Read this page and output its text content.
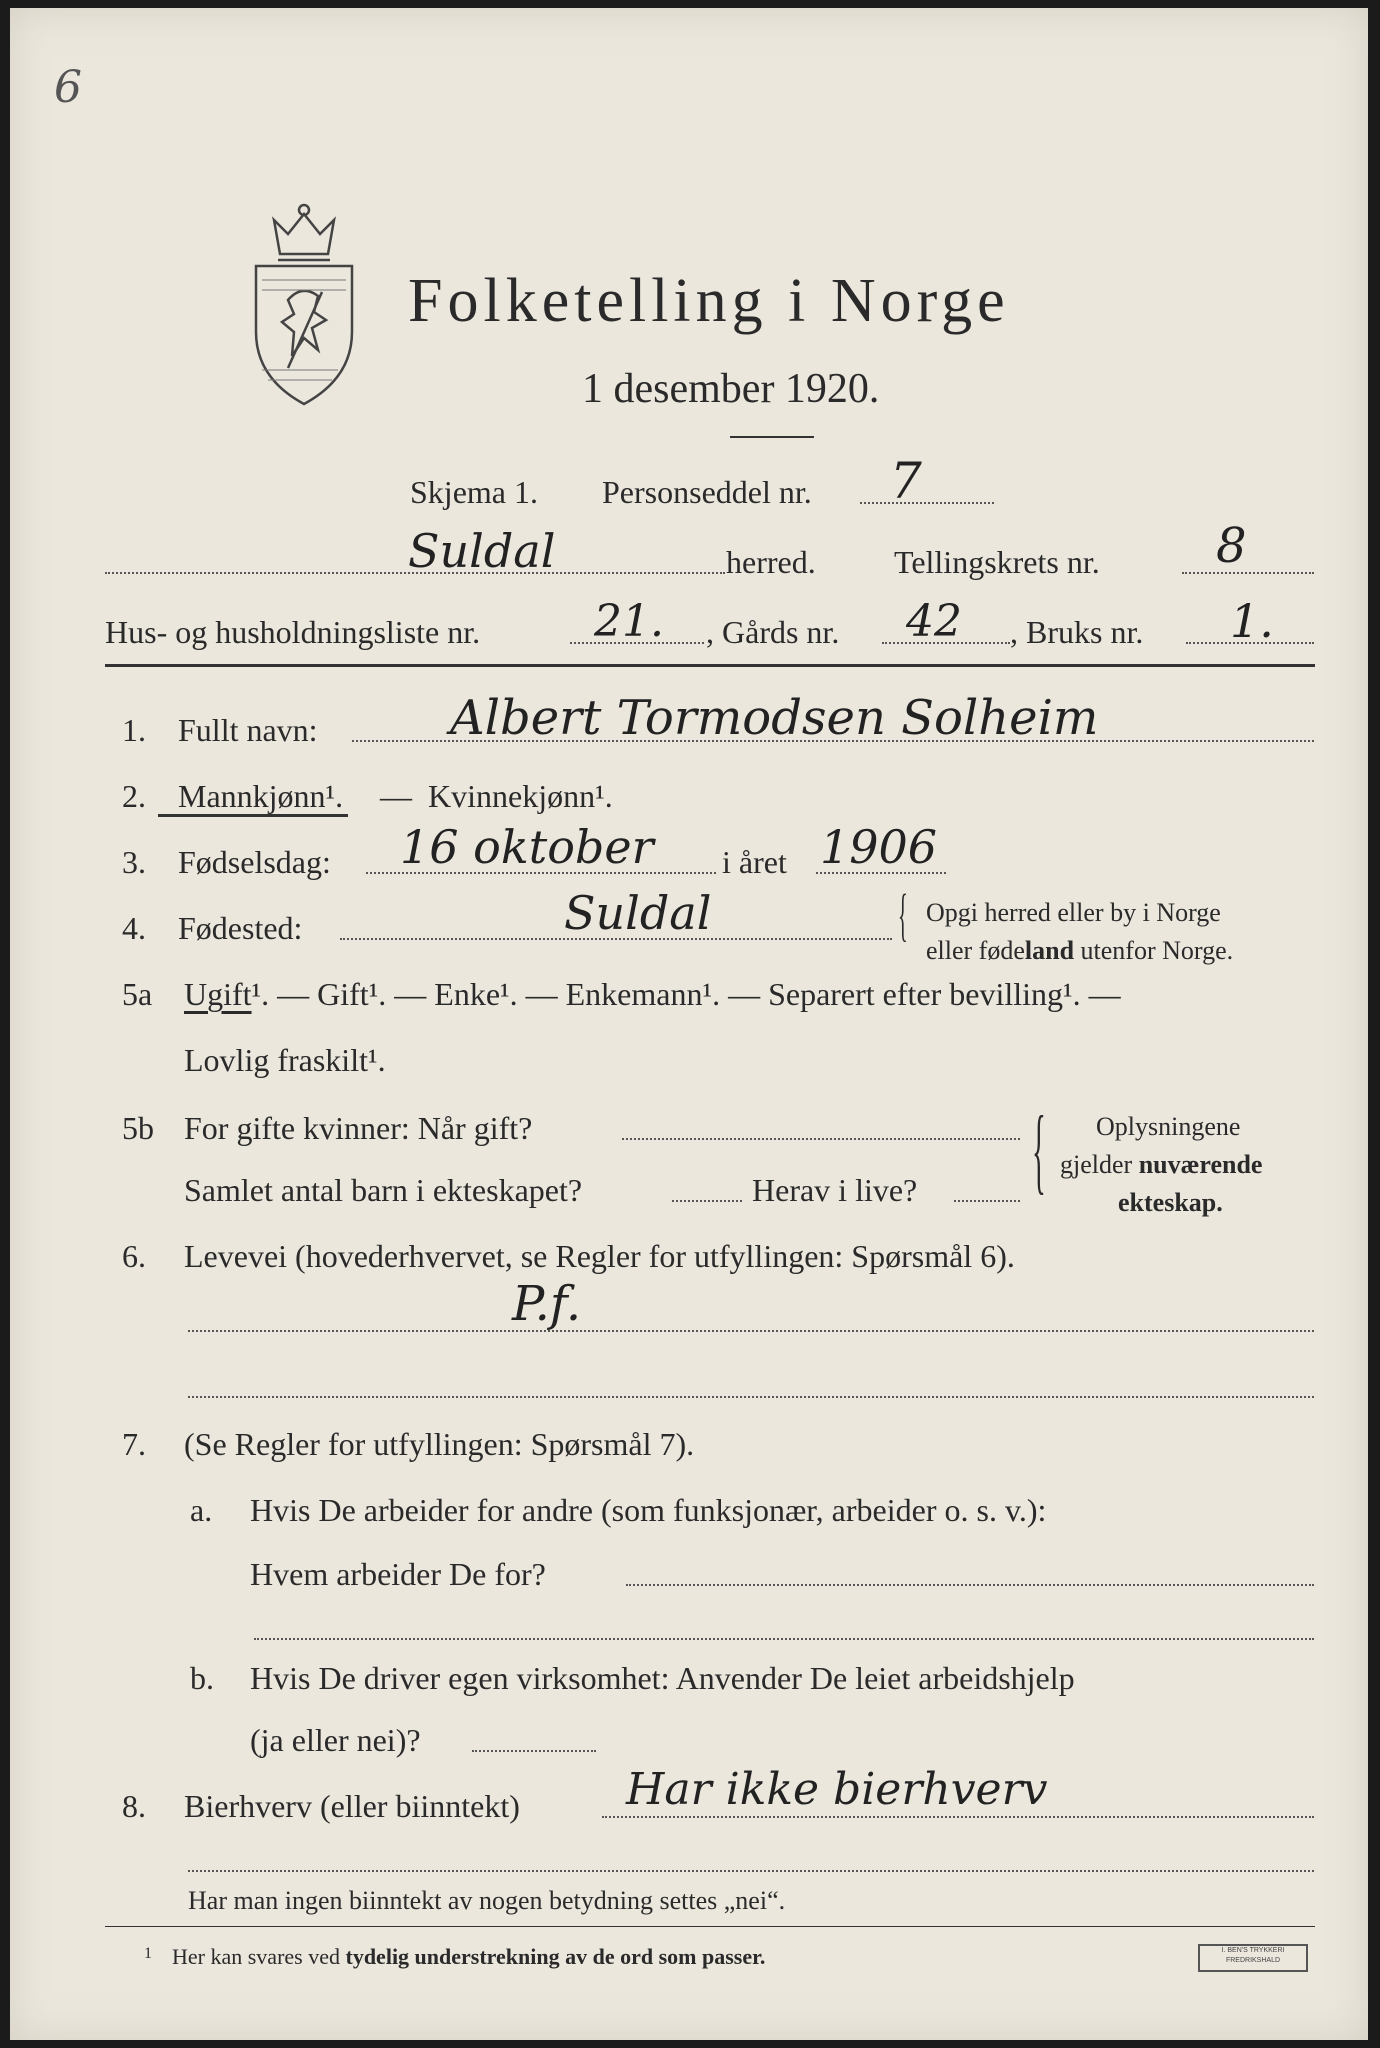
6
Folketelling i Norge
1 desember 1920.
Skjema 1. Personseddel nr. 7
Suldal	herred. Tellingskrets nr. 8
Hus- og husholdningsliste nr.	21. , Gårds nr. 42 , Bruks nr. 1.
1. Fullt navn:	Albert Tormodsen Solheim
2. Mannkjønn¹. — Kvinnekjønn¹.
3. Fødselsdag: 16 oktober i året 1906
4. Fødested:	Suldal	{ Opgi herred eller by i Norge
eller fødeland utenfor Norge.
5a Ugift¹. — Gift¹. — Enke¹. — Enkemann¹. — Separert efter bevilling¹. —
Lovlig fraskilt¹.
5b For gifte kvinner: Når gift?
Samlet antal barn i ekteskapet?	Herav i live? { Oplysningene
gjelder nuværende
ekteskap.
6. Levevei (hovederhvervet, se Regler for utfyllingen: Spørsmål 6).
P.f.
7. (Se Regler for utfyllingen: Spørsmål 7).
a. Hvis De arbeider for andre (som funksjonær, arbeider o. s. v.):
Hvem arbeider De for?
b. Hvis De driver egen virksomhet: Anvender De leiet arbeidshjelp
(ja eller nei)?
8. Bierhverv (eller biinntekt) Har ikke bierhverv
Har man ingen biinntekt av nogen betydning settes „nei“.
1 Her kan svares ved tydelig understrekning av de ord som passer.	I. BEN'S TRYKKERI
FREDRIKSHALD
